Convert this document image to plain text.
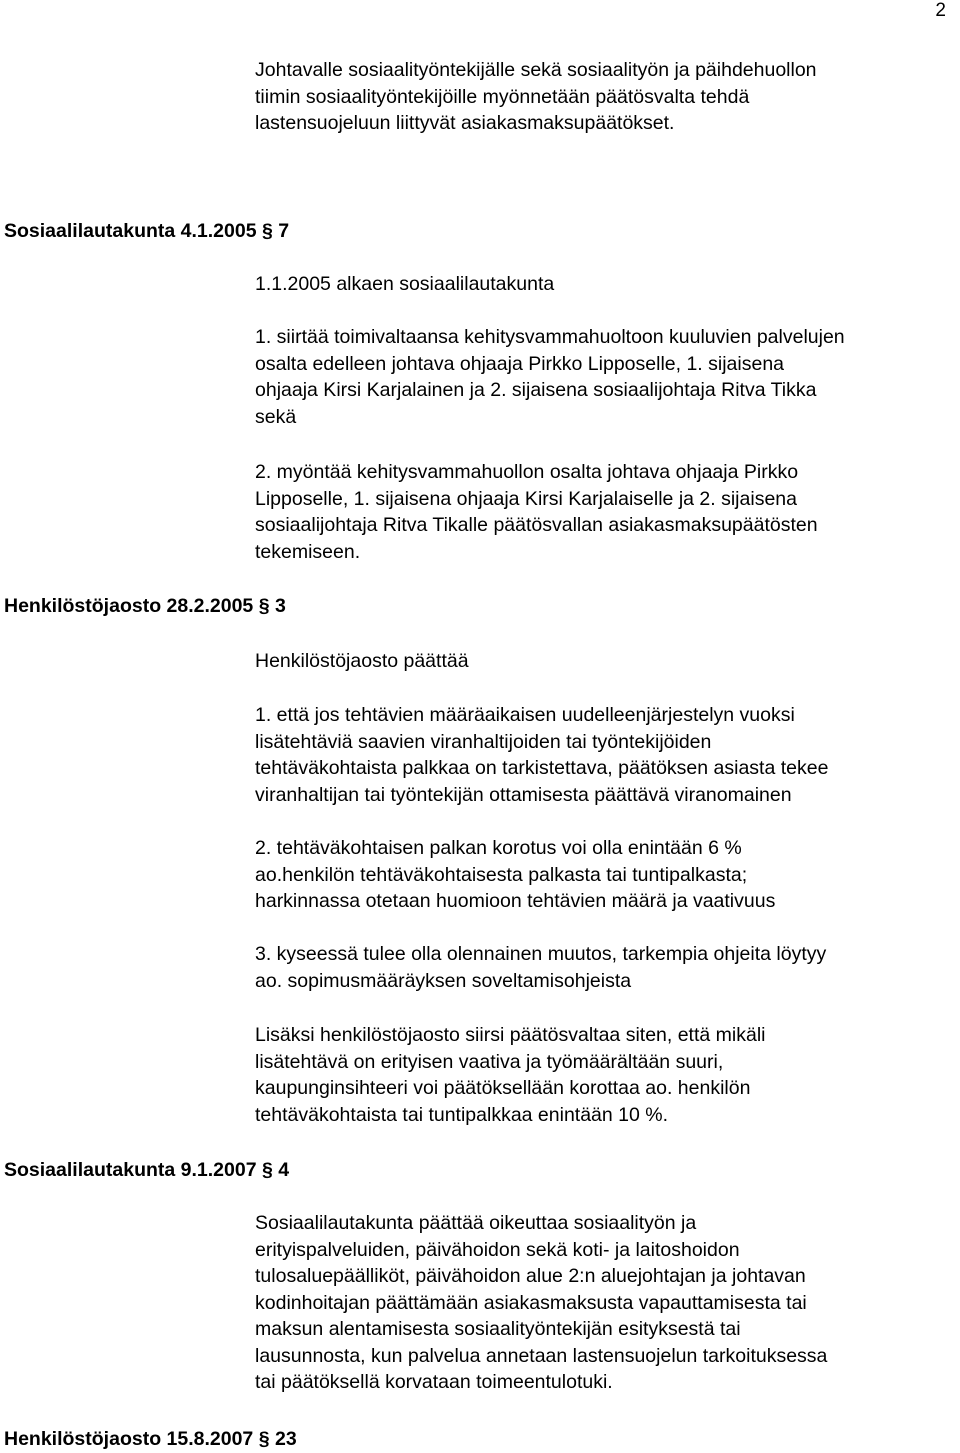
2

Johtavalle sosiaalityöntekijälle sekä sosiaalityön ja päihdehuollon
tiimin sosiaalityöntekijöille myönnetään päätösvalta tehdä
lastensuojeluun liittyvät asiakasmaksupäätökset.

Sosiaalilautakunta 4.1.2005 § 7

1.1.2005 alkaen sosiaalilautakunta

1. siirtää toimivaltaansa kehitysvammahuoltoon kuuluvien palvelujen
osalta edelleen johtava ohjaaja Pirkko Lipposelle, 1. sijaisena
ohjaaja Kirsi Karjalainen ja 2. sijaisena sosiaalijohtaja Ritva Tikka
sekä

2. myöntää kehitysvammahuollon osalta johtava ohjaaja Pirkko
Lipposelle, 1. sijaisena ohjaaja Kirsi Karjalaiselle ja 2. sijaisena
sosiaalijohtaja Ritva Tikalle päätösvallan asiakasmaksupäätösten
tekemiseen.

Henkilöstöjaosto 28.2.2005 § 3

Henkilöstöjaosto päättää

1. että jos tehtävien määräaikaisen uudelleenjärjestelyn vuoksi
lisätehtäviä saavien viranhaltijoiden tai työntekijöiden
tehtäväkohtaista palkkaa on tarkistettava, päätöksen asiasta tekee
viranhaltijan tai työntekijän ottamisesta päättävä viranomainen

2. tehtäväkohtaisen palkan korotus voi olla enintään 6 %
ao.henkilön tehtäväkohtaisesta palkasta tai tuntipalkasta;
harkinnassa otetaan huomioon tehtävien määrä ja vaativuus

3. kyseessä tulee olla olennainen muutos, tarkempia ohjeita löytyy
ao. sopimusmääräyksen soveltamisohjeista

Lisäksi henkilöstöjaosto siirsi päätösvaltaa siten, että mikäli
lisätehtävä on erityisen vaativa ja työmäärältään suuri,
kaupunginsihteeri voi päätöksellään korottaa ao. henkilön
tehtäväkohtaista tai tuntipalkkaa enintään 10 %.

Sosiaalilautakunta 9.1.2007 § 4

Sosiaalilautakunta päättää oikeuttaa sosiaalityön ja
erityispalveluiden, päivähoidon sekä koti- ja laitoshoidon
tulosaluepäälliköt, päivähoidon alue 2:n aluejohtajan ja johtavan
kodinhoitajan päättämään asiakasmaksusta vapauttamisesta tai
maksun alentamisesta sosiaalityöntekijän esityksestä tai
lausunnosta, kun palvelua annetaan lastensuojelun tarkoituksessa
tai päätöksellä korvataan toimeentulotuki.

Henkilöstöjaosto 15.8.2007 § 23
